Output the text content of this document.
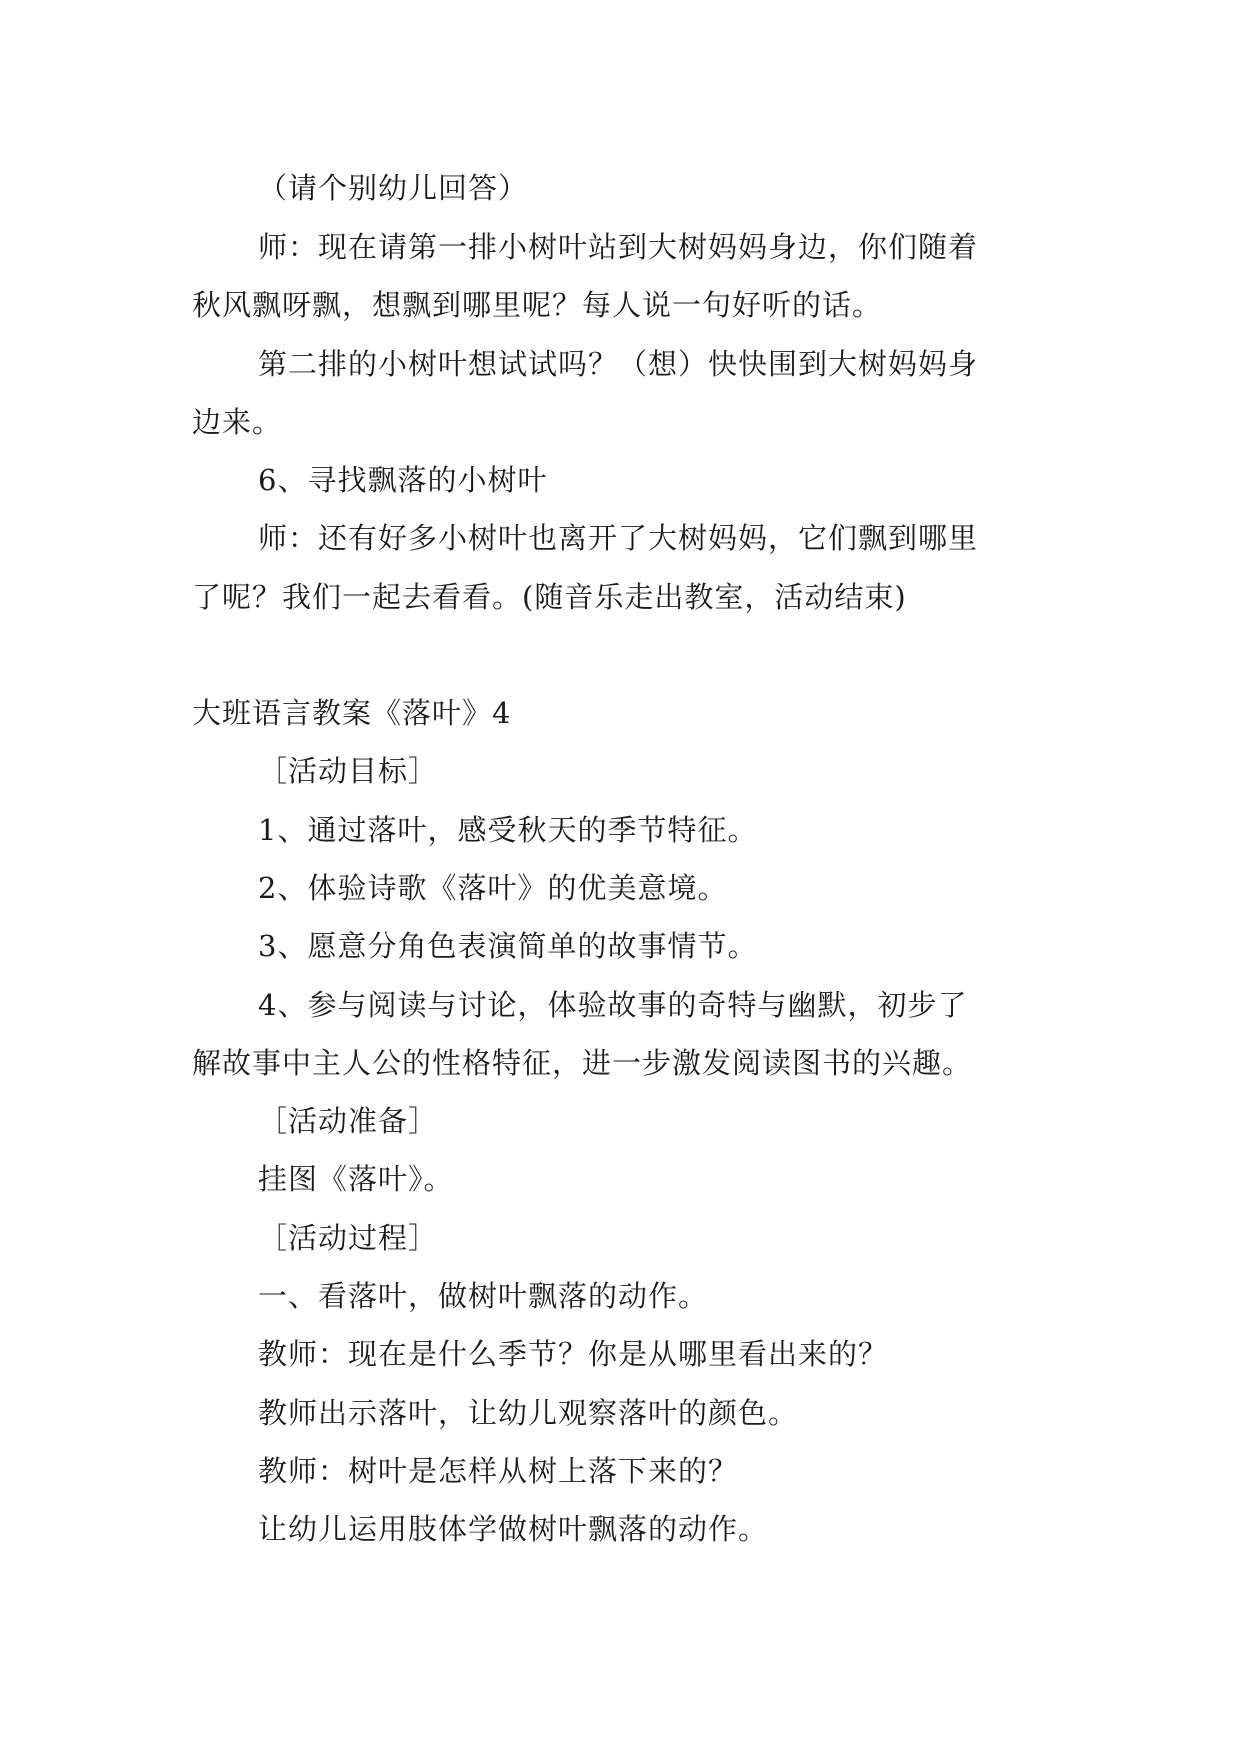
（请个别幼儿回答）
师：现在请第一排小树叶站到大树妈妈身边，你们随着
秋风飘呀飘，想飘到哪里呢？每人说一句好听的话。
第二排的小树叶想试试吗？（想）快快围到大树妈妈身
边来。
6、寻找飘落的小树叶
师：还有好多小树叶也离开了大树妈妈，它们飘到哪里
了呢？我们一起去看看。(随音乐走出教室，活动结束)
大班语言教案《落叶》4
［活动目标］
1、通过落叶，感受秋天的季节特征。
2、体验诗歌《落叶》的优美意境。
3、愿意分角色表演简单的故事情节。
4、参与阅读与讨论，体验故事的奇特与幽默，初步了
解故事中主人公的性格特征，进一步激发阅读图书的兴趣。
［活动准备］
挂图《落叶》。
［活动过程］
一、看落叶，做树叶飘落的动作。
教师：现在是什么季节？你是从哪里看出来的？
教师出示落叶，让幼儿观察落叶的颜色。
教师：树叶是怎样从树上落下来的？
让幼儿运用肢体学做树叶飘落的动作。
